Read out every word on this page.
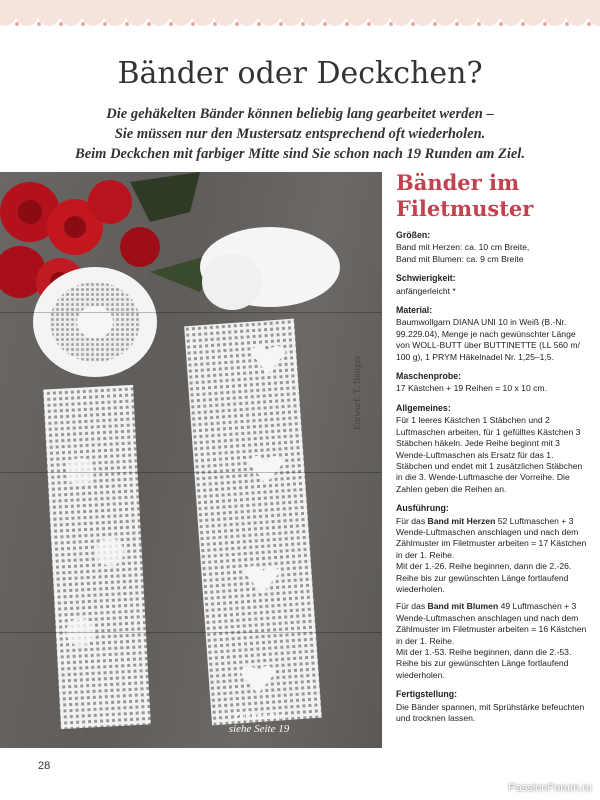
Bänder oder Deckchen?
Die gehäkelten Bänder können beliebig lang gearbeitet werden –
Sie müssen nur den Mustersatz entsprechend oft wiederholen.
Beim Deckchen mit farbiger Mitte sind Sie schon nach 19 Runden am Ziel.
Zählmuster
siehe Seite 19
Entwurf: T. Böttger
Bänder im
Filetmuster
Größen:

Band mit Herzen: ca. 10 cm Breite,

Band mit Blumen: ca. 9 cm Breite

Schwierigkeit:

anfängerleicht *

Material:

Baumwollgarn DIANA UNI 10 in Weiß (B.-Nr. 99.229.04), Menge je nach gewünschter Länge von WOLL-BUTT über BUTTINETTE (LL 560 m/ 100 g), 1 PRYM Häkelnadel Nr. 1,25–1,5.

Maschenprobe:

17 Kästchen + 19 Reihen = 10 x 10 cm.

Allgemeines:

Für 1 leeres Kästchen 1 Stäbchen und 2 Luftmaschen arbeiten, für 1 gefülltes Kästchen 3 Stäbchen häkeln. Jede Reihe beginnt mit 3 Wende-Luftmaschen als Ersatz für das 1. Stäbchen und endet mit 1 zusätzlichen Stäbchen in die 3. Wende-Luftmasche der Vorreihe. Die Zahlen geben die Reihen an.

Ausführung:

Für das Band mit Herzen 52 Luftmaschen + 3 Wende-Luftmaschen anschlagen und nach dem Zählmuster im Filetmuster arbeiten = 17 Kästchen in der 1. Reihe.

Mit der 1.-26. Reihe beginnen, dann die 2.-26. Reihe bis zur gewünschten Länge fortlaufend wiederholen.

Für das Band mit Blumen 49 Luftmaschen + 3 Wende-Luftmaschen anschlagen und nach dem Zählmuster im Filetmuster arbeiten = 16 Kästchen in der 1. Reihe.

Mit der 1.-53. Reihe beginnen, dann die 2.-53. Reihe bis zur gewünschten Länge fortlaufend wiederholen.

Fertigstellung:

Die Bänder spannen, mit Sprühstärke befeuchten und trocknen lassen.

28
PassionForum.ru
